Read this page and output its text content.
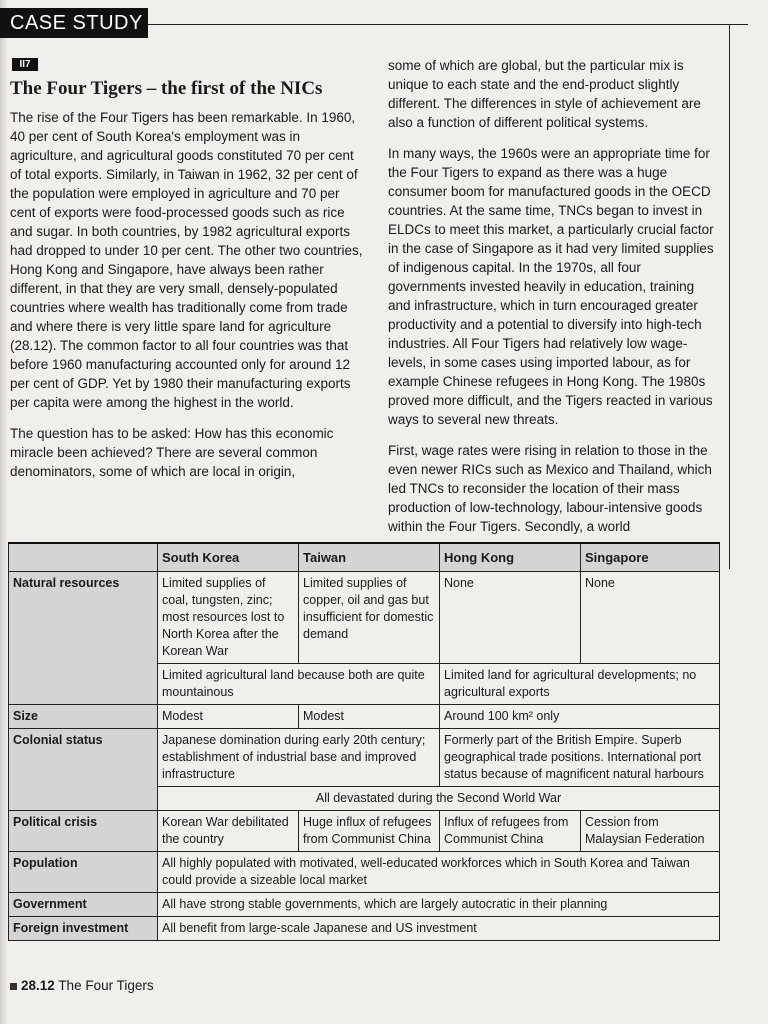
CASE STUDY
II7
The Four Tigers – the first of the NICs

The rise of the Four Tigers has been remarkable. In 1960, 40 per cent of South Korea's employment was in agriculture, and agricultural goods constituted 70 per cent of total exports. Similarly, in Taiwan in 1962, 32 per cent of the population were employed in agriculture and 70 per cent of exports were food-processed goods such as rice and sugar. In both countries, by 1982 agricultural exports had dropped to under 10 per cent. The other two countries, Hong Kong and Singapore, have always been rather different, in that they are very small, densely-populated countries where wealth has traditionally come from trade and where there is very little spare land for agriculture (28.12). The common factor to all four countries was that before 1960 manufacturing accounted only for around 12 per cent of GDP. Yet by 1980 their manufacturing exports per capita were among the highest in the world.

The question has to be asked: How has this economic miracle been achieved? There are several common denominators, some of which are local in origin,

some of which are global, but the particular mix is unique to each state and the end-product slightly different. The differences in style of achievement are also a function of different political systems.

In many ways, the 1960s were an appropriate time for the Four Tigers to expand as there was a huge consumer boom for manufactured goods in the OECD countries. At the same time, TNCs began to invest in ELDCs to meet this market, a particularly crucial factor in the case of Singapore as it had very limited supplies of indigenous capital. In the 1970s, all four governments invested heavily in education, training and infrastructure, which in turn encouraged greater productivity and a potential to diversify into high-tech industries. All Four Tigers had relatively low wage-levels, in some cases using imported labour, as for example Chinese refugees in Hong Kong. The 1980s proved more difficult, and the Tigers reacted in various ways to several new threats.

First, wage rates were rising in relation to those in the even newer RICs such as Mexico and Thailand, which led TNCs to reconsider the location of their mass production of low-technology, labour-intensive goods within the Four Tigers. Secondly, a world

	South Korea	Taiwan	Hong Kong	Singapore
Natural resources	Limited supplies of coal, tungsten, zinc; most resources lost to North Korea after the Korean War	Limited supplies of copper, oil and gas but insufficient for domestic demand	None	None
	Limited agricultural land because both are quite mountainous		Limited land for agricultural developments; no agricultural exports	
Size	Modest	Modest	Around 100 km² only	
Colonial status	Japanese domination during early 20th century; establishment of industrial base and improved infrastructure		Formerly part of the British Empire. Superb geographical trade positions. International port status because of magnificent natural harbours	
	All devastated during the Second World War			
Political crisis	Korean War debilitated the country	Huge influx of refugees from Communist China	Influx of refugees from Communist China	Cession from Malaysian Federation
Population	All highly populated with motivated, well-educated workforces which in South Korea and Taiwan could provide a sizeable local market			
Government	All have strong stable governments, which are largely autocratic in their planning			
Foreign investment	All benefit from large-scale Japanese and US investment			
28.12 The Four Tigers
